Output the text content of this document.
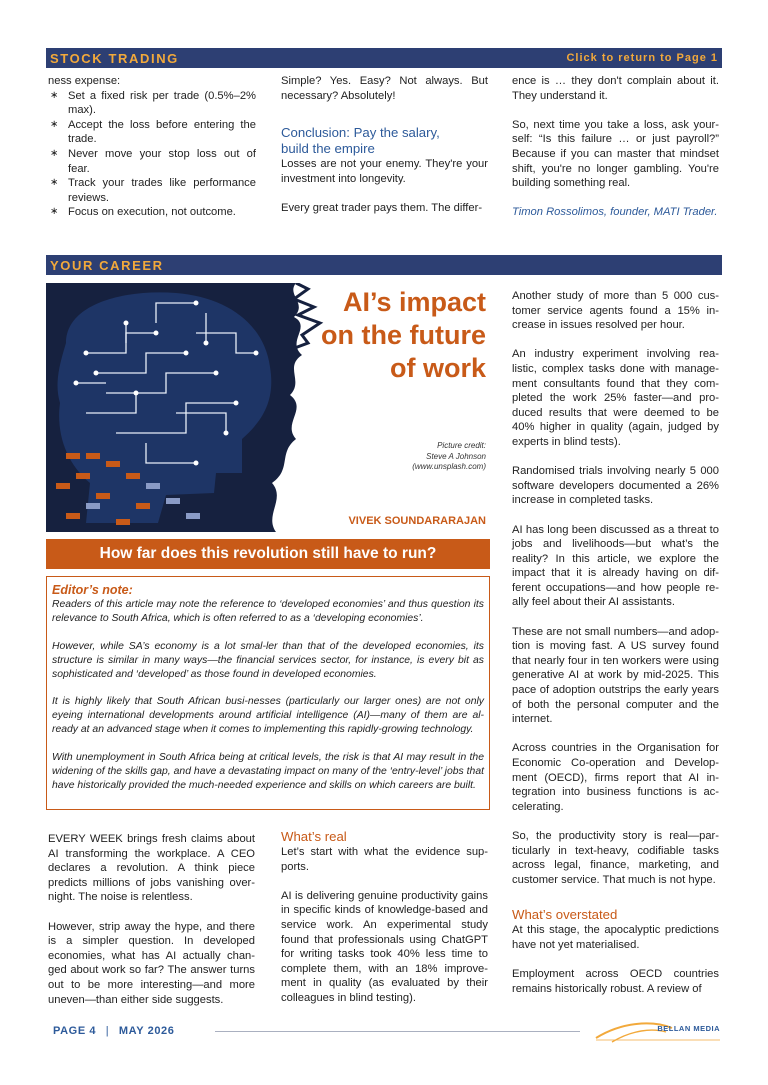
STOCK TRADING	Click to return to Page 1
ness expense:
∗ Set a fixed risk per trade (0.5%–2% max).
∗ Accept the loss before entering the trade.
∗ Never move your stop loss out of fear.
∗ Track your trades like performance reviews.
∗ Focus on execution, not outcome.

Simple? Yes. Easy? Not always. But necessary? Absolutely!

Conclusion: Pay the salary,
build the empire

Losses are not your enemy. They're your investment into longevity.

Every great trader pays them. The differ-

ence is … they don't complain about it. They understand it.

So, next time you take a loss, ask your-self: “Is this failure … or just payroll?” Because if you can master that mindset shift, you're no longer gambling. You're building something real.

Timon Rossolimos, founder, MATI Trader.
YOUR CAREER
AI’s impact
on the future
of work
Picture credit:
Steve A Johnson
(www.unsplash.com)
VIVEK SOUNDARARAJAN
How far does this revolution still have to run?
Editor’s note:

Readers of this article may note the reference to ‘developed economies’ and thus question its relevance to South Africa, which is often referred to as a ‘developing economies’.

However, while SA’s economy is a lot smal-ler than that of the developed economies, its structure is similar in many ways—the financial services sector, for instance, is every bit as sophisticated and ‘developed’ as those found in developed economies.

It is highly likely that South African busi-nesses (particularly our larger ones) are not only eyeing international developments around artificial intelligence (AI)—many of them are al-ready at an advanced stage when it comes to implementing this rapidly-growing technology.

With unemployment in South Africa being at critical levels, the risk is that AI may result in the widening of the skills gap, and have a devastating impact on many of the ‘entry-level’ jobs that have historically provided the much-needed experience and skills on which careers are built.

EVERY WEEK brings fresh claims about AI transforming the workplace. A CEO declares a revolution. A think piece predicts millions of jobs vanishing over-night. The noise is relentless.

However, strip away the hype, and there is a simpler question. In developed economies, what has AI actually chan-ged about work so far? The answer turns out to be more interesting—and more uneven—than either side suggests.

What’s real

Let’s start with what the evidence sup-ports.

AI is delivering genuine productivity gains in specific kinds of knowledge-based and service work. An experimental study found that professionals using ChatGPT for writing tasks took 40% less time to complete them, with an 18% improve-ment in quality (as evaluated by their colleagues in blind testing).

Another study of more than 5 000 cus-tomer service agents found a 15% in-crease in issues resolved per hour.

An industry experiment involving rea-listic, complex tasks done with manage-ment consultants found that they com-pleted the work 25% faster—and pro-duced results that were deemed to be 40% higher in quality (again, judged by experts in blind tests).

Randomised trials involving nearly 5 000 software developers documented a 26% increase in completed tasks.

AI has long been discussed as a threat to jobs and livelihoods—but what’s the reality? In this article, we explore the impact that it is already having on dif-ferent occupations—and how people re-ally feel about their AI assistants.

These are not small numbers—and adop-tion is moving fast. A US survey found that nearly four in ten workers were using generative AI at work by mid-2025. This pace of adoption outstrips the early years of both the personal computer and the internet.

Across countries in the Organisation for Economic Co-operation and Develop-ment (OECD), firms report that AI in-tegration into business functions is ac-celerating.

So, the productivity story is real—par-ticularly in text-heavy, codifiable tasks across legal, finance, marketing, and customer service. That much is not hype.

What’s overstated

At this stage, the apocalyptic predictions have not yet materialised.

Employment across OECD countries remains historically robust. A review of

PAGE 4 | MAY 2026	BELLAN MEDIA
